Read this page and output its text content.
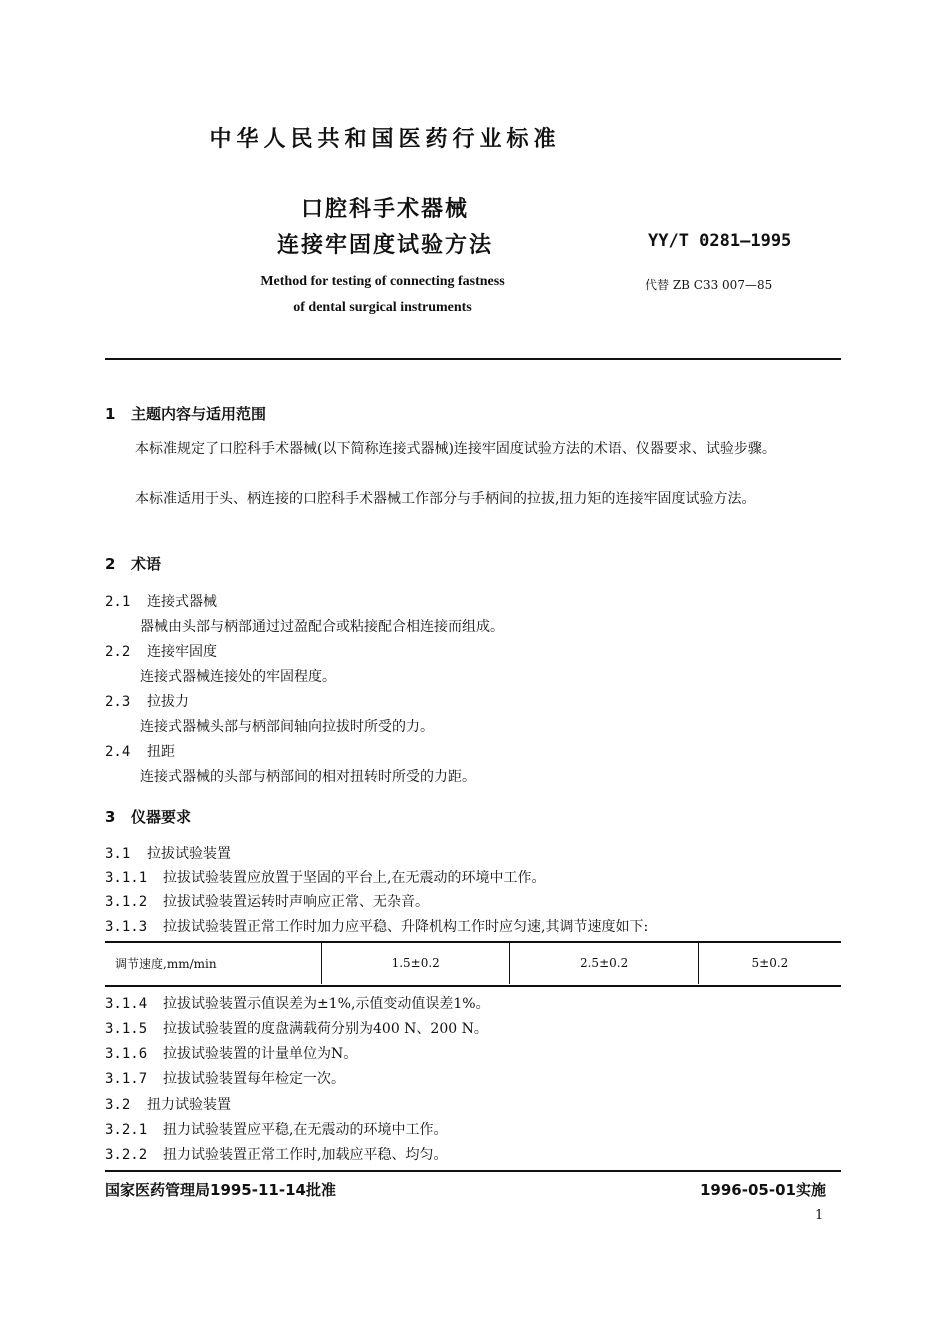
中华人民共和国医药行业标准
口腔科手术器械
连接牢固度试验方法	YY/T 0281—1995
Method for testing of connecting fastness
of dental surgical instruments
代替 ZB C33 007—85
1 主题内容与适用范围
本标准规定了口腔科手术器械(以下简称连接式器械)连接牢固度试验方法的术语、仪器要求、试验步骤。
本标准适用于头、柄连接的口腔科手术器械工作部分与手柄间的拉拔,扭力矩的连接牢固度试验方法。
2 术语
2.1 连接式器械
器械由头部与柄部通过过盈配合或粘接配合相连接而组成。
2.2 连接牢固度
连接式器械连接处的牢固程度。
2.3 拉拔力
连接式器械头部与柄部间轴向拉拔时所受的力。
2.4 扭距
连接式器械的头部与柄部间的相对扭转时所受的力距。
3 仪器要求
3.1 拉拔试验装置
3.1.1 拉拔试验装置应放置于坚固的平台上,在无震动的环境中工作。
3.1.2 拉拔试验装置运转时声响应正常、无杂音。
3.1.3 拉拔试验装置正常工作时加力应平稳、升降机构工作时应匀速,其调节速度如下:
调节速度,mm/min	1.5±0.2	2.5±0.2	5±0.2
3.1.4 拉拔试验装置示值误差为±1%,示值变动值误差1%。
3.1.5 拉拔试验装置的度盘满载荷分别为400 N、200 N。
3.1.6 拉拔试验装置的计量单位为N。
3.1.7 拉拔试验装置每年检定一次。
3.2 扭力试验装置
3.2.1 扭力试验装置应平稳,在无震动的环境中工作。
3.2.2 扭力试验装置正常工作时,加载应平稳、均匀。
国家医药管理局1995-11-14批准	1996-05-01实施
1
